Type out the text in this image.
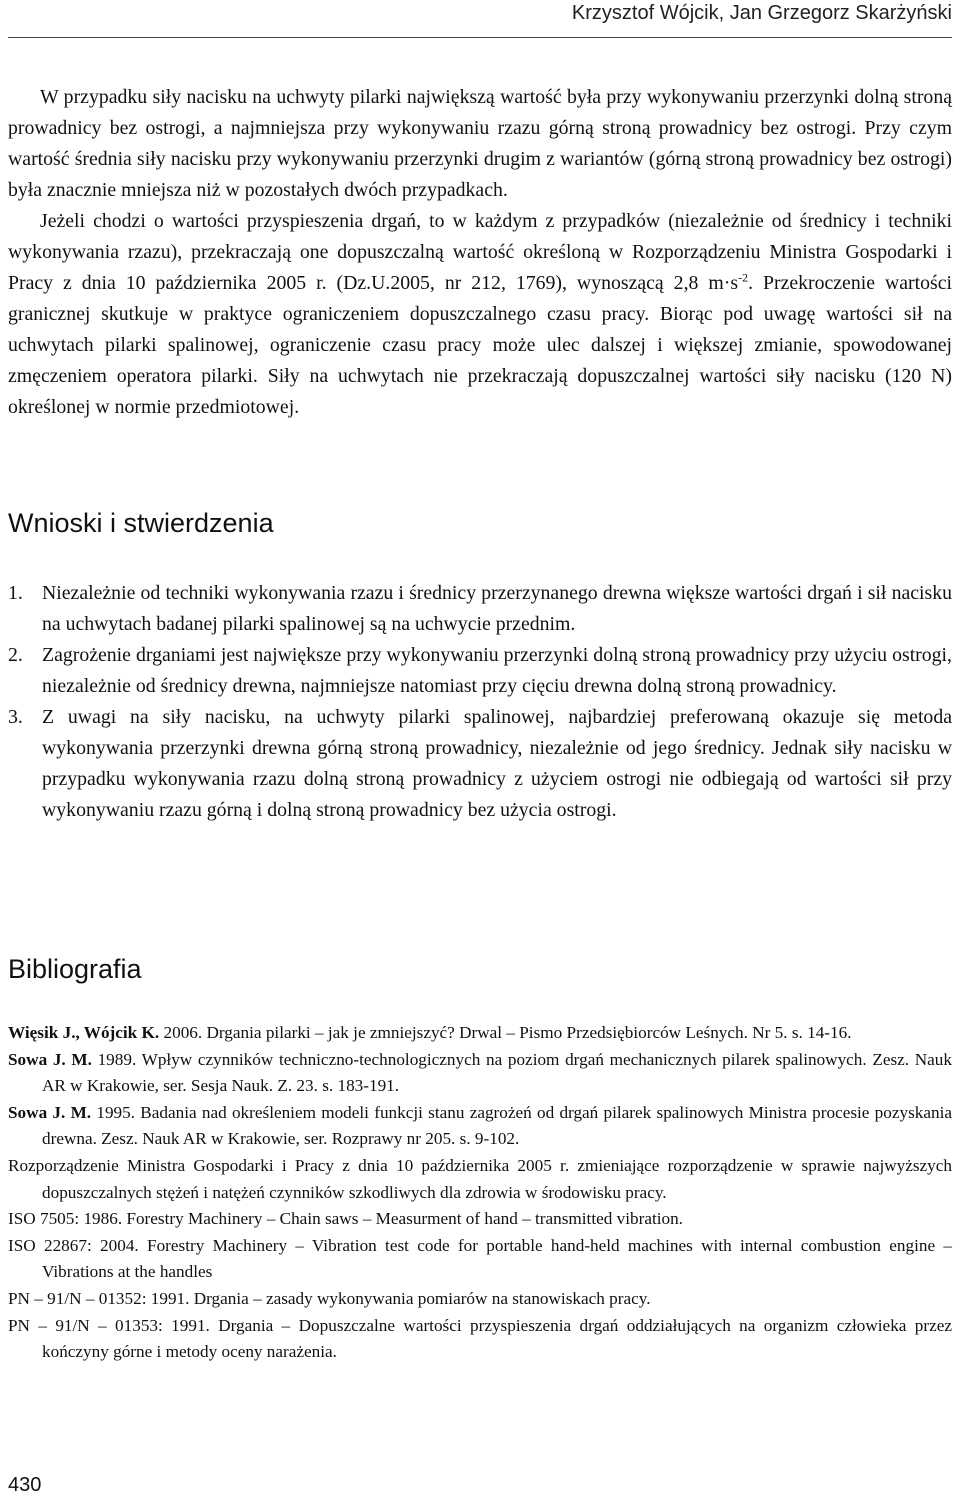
Krzysztof Wójcik, Jan Grzegorz Skarżyński

W przypadku siły nacisku na uchwyty pilarki największą wartość była przy wykonywaniu przerzynki dolną stroną prowadnicy bez ostrogi, a najmniejsza przy wykonywaniu rzazu górną stroną prowadnicy bez ostrogi. Przy czym wartość średnia siły nacisku przy wykonywaniu przerzynki drugim z wariantów (górną stroną prowadnicy bez ostrogi) była znacznie mniejsza niż w pozostałych dwóch przypadkach.

Jeżeli chodzi o wartości przyspieszenia drgań, to w każdym z przypadków (niezależnie od średnicy i techniki wykonywania rzazu), przekraczają one dopuszczalną wartość określoną w Rozporządzeniu Ministra Gospodarki i Pracy z dnia 10 października 2005 r. (Dz.U.2005, nr 212, 1769), wynoszącą 2,8 $m\cdot s^{-2}$. Przekroczenie wartości granicznej skutkuje w praktyce ograniczeniem dopuszczalnego czasu pracy. Biorąc pod uwagę wartości sił na uchwytach pilarki spalinowej, ograniczenie czasu pracy może ulec dalszej i większej zmianie, spowodowanej zmęczeniem operatora pilarki. Siły na uchwytach nie przekraczają dopuszczalnej wartości siły nacisku (120 N) określonej w normie przedmiotowej.

Wnioski i stwierdzenia
1. Niezależnie od techniki wykonywania rzazu i średnicy przerzynanego drewna większe wartości drgań i sił nacisku na uchwytach badanej pilarki spalinowej są na uchwycie przednim.
2. Zagrożenie drganiami jest największe przy wykonywaniu przerzynki dolną stroną prowadnicy przy użyciu ostrogi, niezależnie od średnicy drewna, najmniejsze natomiast przy cięciu drewna dolną stroną prowadnicy.
3. Z uwagi na siły nacisku, na uchwyty pilarki spalinowej, najbardziej preferowaną okazuje się metoda wykonywania przerzynki drewna górną stroną prowadnicy, niezależnie od jego średnicy. Jednak siły nacisku w przypadku wykonywania rzazu dolną stroną prowadnicy z użyciem ostrogi nie odbiegają od wartości sił przy wykonywaniu rzazu górną i dolną stroną prowadnicy bez użycia ostrogi.
Bibliografia
Więsik J., Wójcik K. 2006. Drgania pilarki – jak je zmniejszyć? Drwal – Pismo Przedsiębiorców Leśnych. Nr 5. s. 14-16.
Sowa J. M. 1989. Wpływ czynników techniczno-technologicznych na poziom drgań mechanicznych pilarek spalinowych. Zesz. Nauk AR w Krakowie, ser. Sesja Nauk. Z. 23. s. 183-191.
Sowa J. M. 1995. Badania nad określeniem modeli funkcji stanu zagrożeń od drgań pilarek spalinowych Ministra procesie pozyskania drewna. Zesz. Nauk AR w Krakowie, ser. Rozprawy nr 205. s. 9-102.
Rozporządzenie Ministra Gospodarki i Pracy z dnia 10 października 2005 r. zmieniające rozporządzenie w sprawie najwyższych dopuszczalnych stężeń i natężeń czynników szkodliwych dla zdrowia w środowisku pracy.
ISO 7505: 1986. Forestry Machinery – Chain saws – Measurment of hand – transmitted vibration.
ISO 22867: 2004. Forestry Machinery – Vibration test code for portable hand-held machines with internal combustion engine – Vibrations at the handles
PN – 91/N – 01352: 1991. Drgania – zasady wykonywania pomiarów na stanowiskach pracy.
PN – 91/N – 01353: 1991. Drgania – Dopuszczalne wartości przyspieszenia drgań oddziałujących na organizm człowieka przez kończyny górne i metody oceny narażenia.
430
